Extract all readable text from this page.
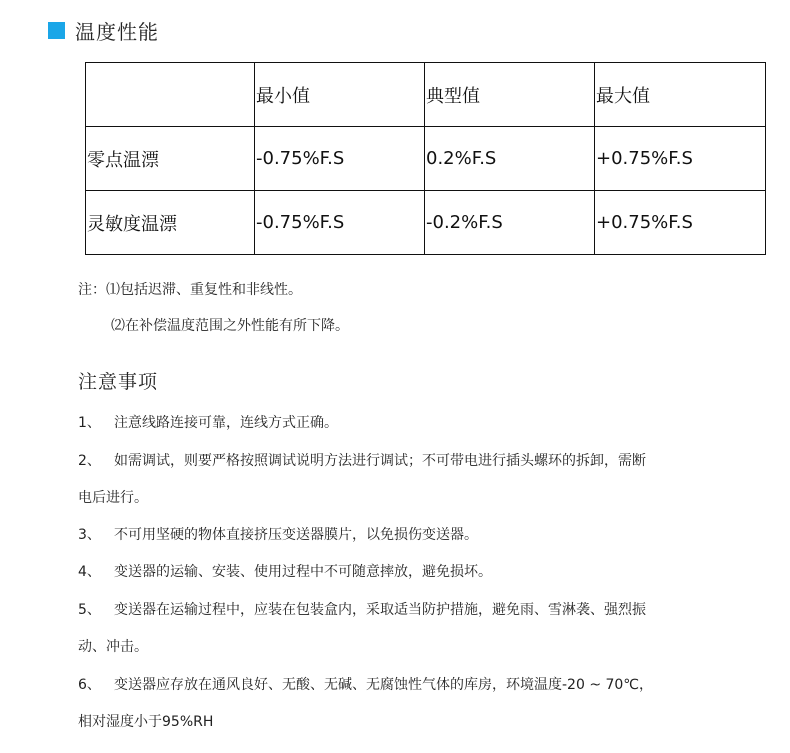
温度性能
	最小值	典型值	最大值
零点温漂	-0.75%F.S	0.2%F.S	+0.75%F.S
灵敏度温漂	-0.75%F.S	-0.2%F.S	+0.75%F.S
注：⑴包括迟滞、重复性和非线性。
⑵在补偿温度范围之外性能有所下降。
注意事项
1、 注意线路连接可靠，连线方式正确。
2、 如需调试，则要严格按照调试说明方法进行调试；不可带电进行插头螺环的拆卸，需断
电后进行。
3、 不可用坚硬的物体直接挤压变送器膜片，以免损伤变送器。
4、 变送器的运输、安装、使用过程中不可随意摔放，避免损坏。
5、 变送器在运输过程中，应装在包装盒内，采取适当防护措施，避免雨、雪淋袭、强烈振
动、冲击。
6、 变送器应存放在通风良好、无酸、无碱、无腐蚀性气体的库房，环境温度-20 ~ 70℃，
相对湿度小于95%RH
